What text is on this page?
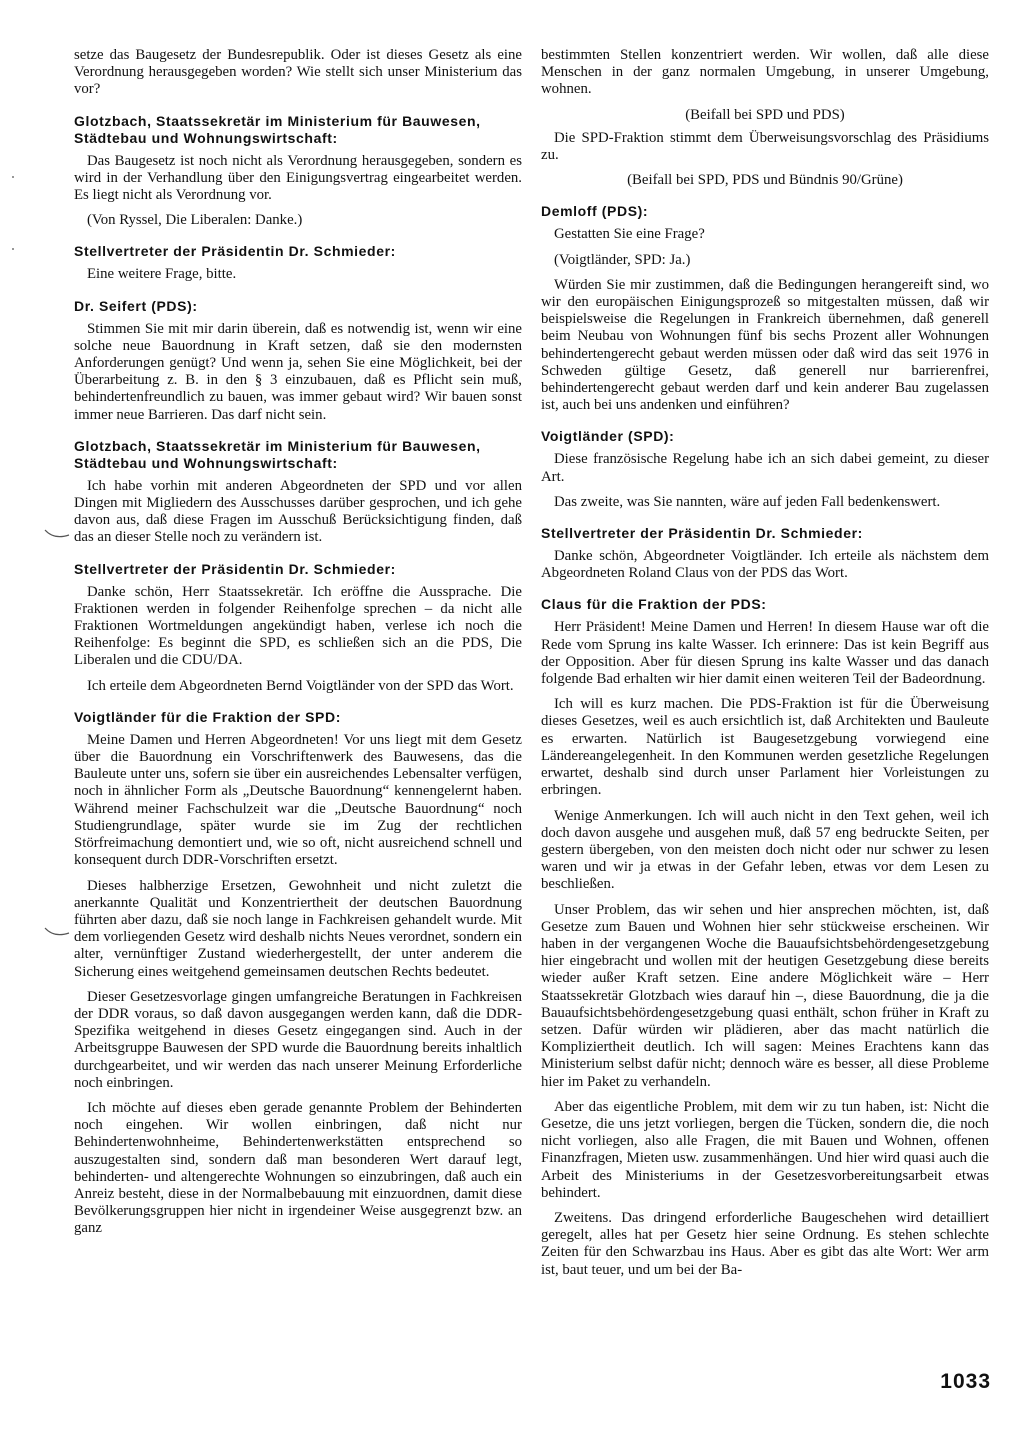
setze das Baugesetz der Bundesrepublik. Oder ist dieses Gesetz als eine Verordnung herausgegeben worden? Wie stellt sich unser Ministerium das vor?

Glotzbach, Staatssekretär im Ministerium für Bauwesen, Städtebau und Wohnungswirtschaft:

Das Baugesetz ist noch nicht als Verordnung herausgegeben, sondern es wird in der Verhandlung über den Einigungsvertrag eingearbeitet werden. Es liegt nicht als Verordnung vor.

(Von Ryssel, Die Liberalen: Danke.)

Stellvertreter der Präsidentin Dr. Schmieder:

Eine weitere Frage, bitte.

Dr. Seifert (PDS):

Stimmen Sie mit mir darin überein, daß es notwendig ist, wenn wir eine solche neue Bauordnung in Kraft setzen, daß sie den modernsten Anforderungen genügt? Und wenn ja, sehen Sie eine Möglichkeit, bei der Überarbeitung z. B. in den § 3 einzubauen, daß es Pflicht sein muß, behindertenfreundlich zu bauen, was immer gebaut wird? Wir bauen sonst immer neue Barrieren. Das darf nicht sein.

Glotzbach, Staatssekretär im Ministerium für Bauwesen, Städtebau und Wohnungswirtschaft:

Ich habe vorhin mit anderen Abgeordneten der SPD und vor allen Dingen mit Migliedern des Ausschusses darüber gesprochen, und ich gehe davon aus, daß diese Fragen im Ausschuß Berücksichtigung finden, daß das an dieser Stelle noch zu verändern ist.

Stellvertreter der Präsidentin Dr. Schmieder:

Danke schön, Herr Staatssekretär. Ich eröffne die Aussprache. Die Fraktionen werden in folgender Reihenfolge sprechen – da nicht alle Fraktionen Wortmeldungen angekündigt haben, verlese ich noch die Reihenfolge: Es beginnt die SPD, es schließen sich an die PDS, Die Liberalen und die CDU/DA.

Ich erteile dem Abgeordneten Bernd Voigtländer von der SPD das Wort.

Voigtländer für die Fraktion der SPD:

Meine Damen und Herren Abgeordneten! Vor uns liegt mit dem Gesetz über die Bauordnung ein Vorschriftenwerk des Bauwesens, das die Bauleute unter uns, sofern sie über ein ausreichendes Lebensalter verfügen, noch in ähnlicher Form als „Deutsche Bauordnung“ kennengelernt haben. Während meiner Fachschulzeit war die „Deutsche Bauordnung“ noch Studiengrundlage, später wurde sie im Zug der rechtlichen Störfreimachung demontiert und, wie so oft, nicht ausreichend schnell und konsequent durch DDR-Vorschriften ersetzt.

Dieses halbherzige Ersetzen, Gewohnheit und nicht zuletzt die anerkannte Qualität und Konzentriertheit der deutschen Bauordnung führten aber dazu, daß sie noch lange in Fachkreisen gehandelt wurde. Mit dem vorliegenden Gesetz wird deshalb nichts Neues verordnet, sondern ein alter, vernünftiger Zustand wiederhergestellt, der unter anderem die Sicherung eines weitgehend gemeinsamen deutschen Rechts bedeutet.

Dieser Gesetzesvorlage gingen umfangreiche Beratungen in Fachkreisen der DDR voraus, so daß davon ausgegangen werden kann, daß die DDR-Spezifika weitgehend in dieses Gesetz eingegangen sind. Auch in der Arbeitsgruppe Bauwesen der SPD wurde die Bauordnung bereits inhaltlich durchgearbeitet, und wir werden das nach unserer Meinung Erforderliche noch einbringen.

Ich möchte auf dieses eben gerade genannte Problem der Behinderten noch eingehen. Wir wollen einbringen, daß nicht nur Behindertenwohnheime, Behindertenwerkstätten entsprechend so auszugestalten sind, sondern daß man besonderen Wert darauf legt, behinderten- und altengerechte Wohnungen so einzubringen, daß auch ein Anreiz besteht, diese in der Normalbebauung mit einzuordnen, damit diese Bevölkerungsgruppen hier nicht in irgendeiner Weise ausgegrenzt bzw. an ganz

bestimmten Stellen konzentriert werden. Wir wollen, daß alle diese Menschen in der ganz normalen Umgebung, in unserer Umgebung, wohnen.

(Beifall bei SPD und PDS)

Die SPD-Fraktion stimmt dem Überweisungsvorschlag des Präsidiums zu.

(Beifall bei SPD, PDS und Bündnis 90/Grüne)

Demloff (PDS):

Gestatten Sie eine Frage?

(Voigtländer, SPD: Ja.)

Würden Sie mir zustimmen, daß die Bedingungen herangereift sind, wo wir den europäischen Einigungsprozeß so mitgestalten müssen, daß wir beispielsweise die Regelungen in Frankreich übernehmen, daß generell beim Neubau von Wohnungen fünf bis sechs Prozent aller Wohnungen behindertengerecht gebaut werden müssen oder daß wird das seit 1976 in Schweden gültige Gesetz, daß generell nur barrierenfrei, behindertengerecht gebaut werden darf und kein anderer Bau zugelassen ist, auch bei uns andenken und einführen?

Voigtländer (SPD):

Diese französische Regelung habe ich an sich dabei gemeint, zu dieser Art.

Das zweite, was Sie nannten, wäre auf jeden Fall bedenkenswert.

Stellvertreter der Präsidentin Dr. Schmieder:

Danke schön, Abgeordneter Voigtländer. Ich erteile als nächstem dem Abgeordneten Roland Claus von der PDS das Wort.

Claus für die Fraktion der PDS:

Herr Präsident! Meine Damen und Herren! In diesem Hause war oft die Rede vom Sprung ins kalte Wasser. Ich erinnere: Das ist kein Begriff aus der Opposition. Aber für diesen Sprung ins kalte Wasser und das danach folgende Bad erhalten wir hier damit einen weiteren Teil der Badeordnung.

Ich will es kurz machen. Die PDS-Fraktion ist für die Überweisung dieses Gesetzes, weil es auch ersichtlich ist, daß Architekten und Bauleute es erwarten. Natürlich ist Baugesetzgebung vorwiegend eine Ländereangelegenheit. In den Kommunen werden gesetzliche Regelungen erwartet, deshalb sind durch unser Parlament hier Vorleistungen zu erbringen.

Wenige Anmerkungen. Ich will auch nicht in den Text gehen, weil ich doch davon ausgehe und ausgehen muß, daß 57 eng bedruckte Seiten, per gestern übergeben, von den meisten doch nicht oder nur schwer zu lesen waren und wir ja etwas in der Gefahr leben, etwas vor dem Lesen zu beschließen.

Unser Problem, das wir sehen und hier ansprechen möchten, ist, daß Gesetze zum Bauen und Wohnen hier sehr stückweise erscheinen. Wir haben in der vergangenen Woche die Bauaufsichtsbehördengesetzgebung hier eingebracht und wollen mit der heutigen Gesetzgebung diese bereits wieder außer Kraft setzen. Eine andere Möglichkeit wäre – Herr Staatssekretär Glotzbach wies darauf hin –, diese Bauordnung, die ja die Bauaufsichtsbehördengesetzgebung quasi enthält, schon früher in Kraft zu setzen. Dafür würden wir plädieren, aber das macht natürlich die Kompliziertheit deutlich. Ich will sagen: Meines Erachtens kann das Ministerium selbst dafür nicht; dennoch wäre es besser, all diese Probleme hier im Paket zu verhandeln.

Aber das eigentliche Problem, mit dem wir zu tun haben, ist: Nicht die Gesetze, die uns jetzt vorliegen, bergen die Tücken, sondern die, die noch nicht vorliegen, also alle Fragen, die mit Bauen und Wohnen, offenen Finanzfragen, Mieten usw. zusammenhängen. Und hier wird quasi auch die Arbeit des Ministeriums in der Gesetzesvorbereitungsarbeit etwas behindert.

Zweitens. Das dringend erforderliche Baugeschehen wird detailliert geregelt, alles hat per Gesetz hier seine Ordnung. Es stehen schlechte Zeiten für den Schwarzbau ins Haus. Aber es gibt das alte Wort: Wer arm ist, baut teuer, und um bei der Ba-

1033
